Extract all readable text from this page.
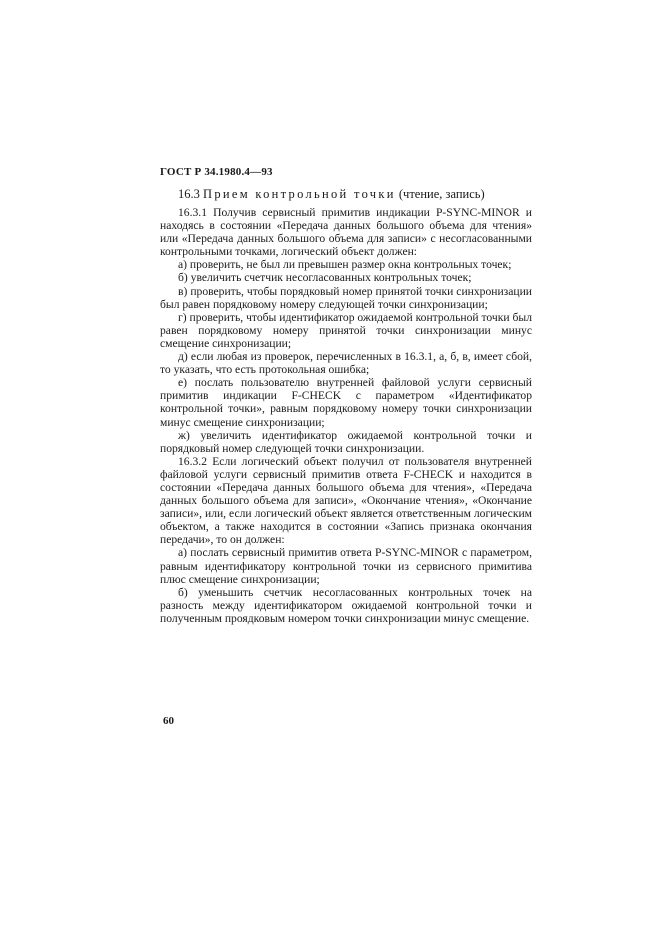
ГОСТ Р 34.1980.4—93
16.3 Прием контрольной точки (чтение, запись)

16.3.1 Получив сервисный примитив индикации P-SYNC-MINOR и находясь в состоянии «Передача данных большого объема для чтения» или «Передача данных большого объема для записи» с несогласованными контрольными точками, логический объект должен:

а) проверить, не был ли превышен размер окна контрольных точек;

б) увеличить счетчик несогласованных контрольных точек;

в) проверить, чтобы порядковый номер принятой точки синхронизации был равен порядковому номеру следующей точки синхронизации;

г) проверить, чтобы идентификатор ожидаемой контрольной точки был равен порядковому номеру принятой точки синхронизации минус смещение синхронизации;

д) если любая из проверок, перечисленных в 16.3.1, а, б, в, имеет сбой, то указать, что есть протокольная ошибка;

е) послать пользователю внутренней файловой услуги сервисный примитив индикации F-CHECK с параметром «Идентификатор контрольной точки», равным порядковому номеру точки синхронизации минус смещение синхронизации;

ж) увеличить идентификатор ожидаемой контрольной точки и порядковый номер следующей точки синхронизации.

16.3.2 Если логический объект получил от пользователя внутренней файловой услуги сервисный примитив ответа F-CHECK и находится в состоянии «Передача данных большого объема для чтения», «Передача данных большого объема для записи», «Окончание чтения», «Окончание записи», или, если логический объект является ответственным логическим объектом, а также находится в состоянии «Запись признака окончания передачи», то он должен:

а) послать сервисный примитив ответа P-SYNC-MINOR с параметром, равным идентификатору контрольной точки из сервисного примитива плюс смещение синхронизации;

б) уменьшить счетчик несогласованных контрольных точек на разность между идентификатором ожидаемой контрольной точки и полученным проядковым номером точки синхронизации минус смещение.

60
